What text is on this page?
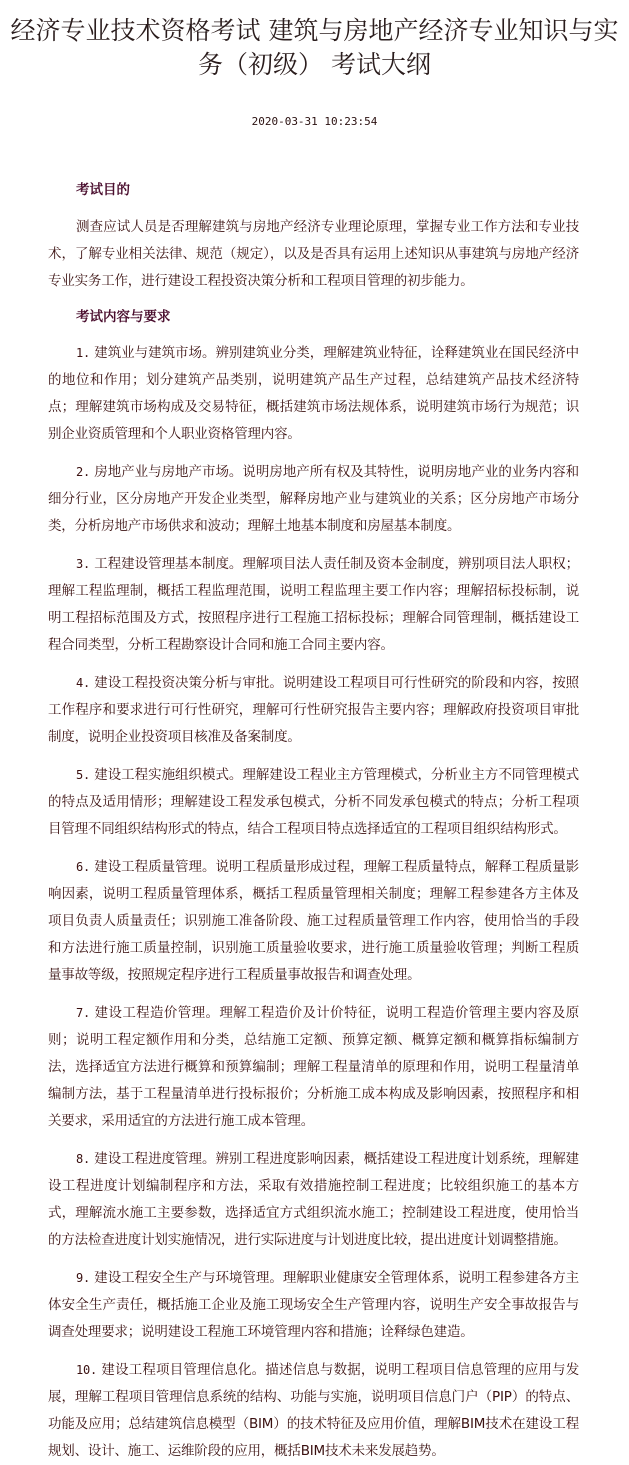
经济专业技术资格考试 建筑与房地产经济专业知识与实务（初级） 考试大纲
2020-03-31 10:23:54
考试目的

测查应试人员是否理解建筑与房地产经济专业理论原理，掌握专业工作方法和专业技术，了解专业相关法律、规范（规定），以及是否具有运用上述知识从事建筑与房地产经济专业实务工作，进行建设工程投资决策分析和工程项目管理的初步能力。

考试内容与要求

1. 建筑业与建筑市场。辨别建筑业分类，理解建筑业特征，诠释建筑业在国民经济中的地位和作用；划分建筑产品类别，说明建筑产品生产过程，总结建筑产品技术经济特点；理解建筑市场构成及交易特征，概括建筑市场法规体系，说明建筑市场行为规范；识别企业资质管理和个人职业资格管理内容。

2. 房地产业与房地产市场。说明房地产所有权及其特性，说明房地产业的业务内容和细分行业，区分房地产开发企业类型，解释房地产业与建筑业的关系；区分房地产市场分类，分析房地产市场供求和波动；理解土地基本制度和房屋基本制度。

3. 工程建设管理基本制度。理解项目法人责任制及资本金制度，辨别项目法人职权；理解工程监理制，概括工程监理范围，说明工程监理主要工作内容；理解招标投标制，说明工程招标范围及方式，按照程序进行工程施工招标投标；理解合同管理制，概括建设工程合同类型，分析工程勘察设计合同和施工合同主要内容。

4. 建设工程投资决策分析与审批。说明建设工程项目可行性研究的阶段和内容，按照工作程序和要求进行可行性研究，理解可行性研究报告主要内容；理解政府投资项目审批制度，说明企业投资项目核准及备案制度。

5. 建设工程实施组织模式。理解建设工程业主方管理模式，分析业主方不同管理模式的特点及适用情形；理解建设工程发承包模式，分析不同发承包模式的特点；分析工程项目管理不同组织结构形式的特点，结合工程项目特点选择适宜的工程项目组织结构形式。

6. 建设工程质量管理。说明工程质量形成过程，理解工程质量特点，解释工程质量影响因素，说明工程质量管理体系，概括工程质量管理相关制度；理解工程参建各方主体及项目负责人质量责任；识别施工准备阶段、施工过程质量管理工作内容，使用恰当的手段和方法进行施工质量控制，识别施工质量验收要求，进行施工质量验收管理；判断工程质量事故等级，按照规定程序进行工程质量事故报告和调查处理。

7. 建设工程造价管理。理解工程造价及计价特征，说明工程造价管理主要内容及原则；说明工程定额作用和分类，总结施工定额、预算定额、概算定额和概算指标编制方法，选择适宜方法进行概算和预算编制；理解工程量清单的原理和作用，说明工程量清单编制方法，基于工程量清单进行投标报价；分析施工成本构成及影响因素，按照程序和相关要求，采用适宜的方法进行施工成本管理。

8. 建设工程进度管理。辨别工程进度影响因素，概括建设工程进度计划系统，理解建设工程进度计划编制程序和方法，采取有效措施控制工程进度；比较组织施工的基本方式，理解流水施工主要参数，选择适宜方式组织流水施工；控制建设工程进度，使用恰当的方法检查进度计划实施情况，进行实际进度与计划进度比较，提出进度计划调整措施。

9. 建设工程安全生产与环境管理。理解职业健康安全管理体系，说明工程参建各方主体安全生产责任，概括施工企业及施工现场安全生产管理内容，说明生产安全事故报告与调查处理要求；说明建设工程施工环境管理内容和措施；诠释绿色建造。

10. 建设工程项目管理信息化。描述信息与数据，说明工程项目信息管理的应用与发展，理解工程项目管理信息系统的结构、功能与实施，说明项目信息门户（PIP）的特点、功能及应用；总结建筑信息模型（BIM）的技术特征及应用价值，理解BIM技术在建设工程规划、设计、施工、运维阶段的应用，概括BIM技术未来发展趋势。
